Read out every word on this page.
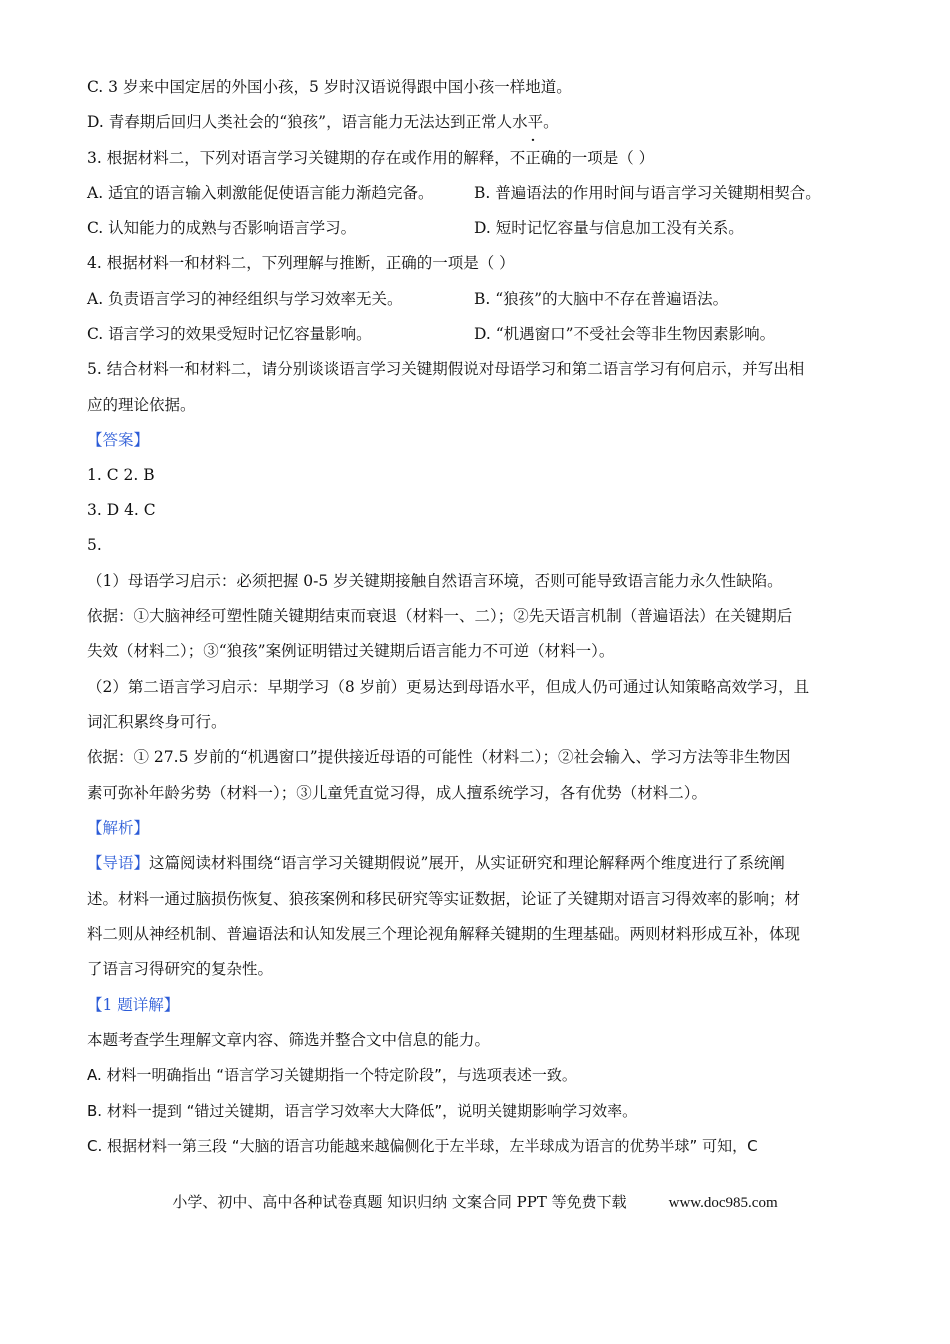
C. 3 岁来中国定居的外国小孩，5 岁时汉语说得跟中国小孩一样地道。
D. 青春期后回归人类社会的“狼孩”，语言能力无法达到正常人水平。
3. 根据材料二，下列对语言学习关键期的存在或作用的解释，不正确的一项是（ ）
A. 适宜的语言输入刺激能促使语言能力渐趋完备。	B. 普遍语法的作用时间与语言学习关键期相契合。
C. 认知能力的成熟与否影响语言学习。	D. 短时记忆容量与信息加工没有关系。
4. 根据材料一和材料二，下列理解与推断，正确的一项是（ ）
A. 负责语言学习的神经组织与学习效率无关。	B. “狼孩”的大脑中不存在普遍语法。
C. 语言学习的效果受短时记忆容量影响。	D. “机遇窗口”不受社会等非生物因素影响。
5. 结合材料一和材料二，请分别谈谈语言学习关键期假说对母语学习和第二语言学习有何启示，并写出相
应的理论依据。
【答案】
1. C 2. B
3. D 4. C
5.
（1）母语学习启示：必须把握 0-5 岁关键期接触自然语言环境，否则可能导致语言能力永久性缺陷。
依据：①大脑神经可塑性随关键期结束而衰退（材料一、二）；②先天语言机制（普遍语法）在关键期后
失效（材料二）；③“狼孩”案例证明错过关键期后语言能力不可逆（材料一）。
（2）第二语言学习启示：早期学习（8 岁前）更易达到母语水平，但成人仍可通过认知策略高效学习，且
词汇积累终身可行。
依据：① 27.5 岁前的“机遇窗口”提供接近母语的可能性（材料二）；②社会输入、学习方法等非生物因
素可弥补年龄劣势（材料一）；③儿童凭直觉习得，成人擅系统学习，各有优势（材料二）。
【解析】
【导语】这篇阅读材料围绕“语言学习关键期假说”展开，从实证研究和理论解释两个维度进行了系统阐
述。材料一通过脑损伤恢复、狼孩案例和移民研究等实证数据，论证了关键期对语言习得效率的影响；材
料二则从神经机制、普遍语法和认知发展三个理论视角解释关键期的生理基础。两则材料形成互补，体现
了语言习得研究的复杂性。
【1 题详解】
本题考查学生理解文章内容、筛选并整合文中信息的能力。
A. 材料一明确指出 “语言学习关键期指一个特定阶段”，与选项表述一致。
B. 材料一提到 “错过关键期，语言学习效率大大降低”，说明关键期影响学习效率。
C. 根据材料一第三段 “大脑的语言功能越来越偏侧化于左半球，左半球成为语言的优势半球” 可知，C
小学、初中、高中各种试卷真题 知识归纳 文案合同 PPT 等免费下载	www.doc985.com
